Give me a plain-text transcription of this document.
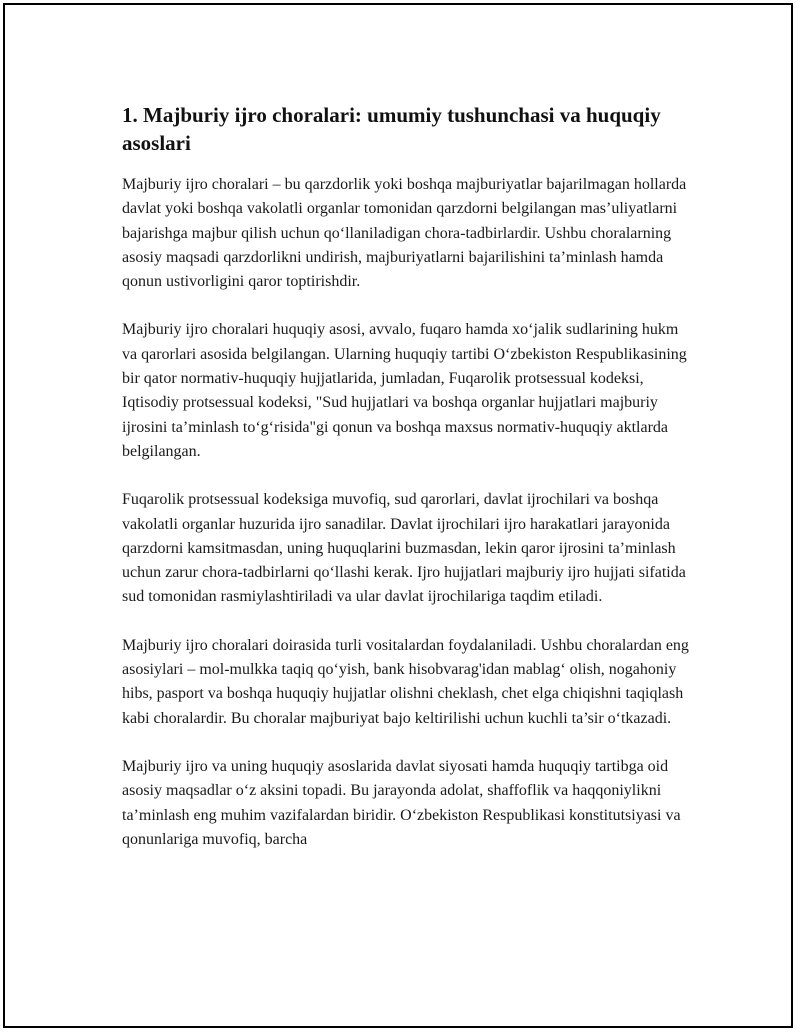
1. Majburiy ijro choralari: umumiy tushunchasi va huquqiy asoslari

Majburiy ijro choralari – bu qarzdorlik yoki boshqa majburiyatlar bajarilmagan hollarda davlat yoki boshqa vakolatli organlar tomonidan qarzdorni belgilangan mas’uliyatlarni bajarishga majbur qilish uchun qo‘llaniladigan chora-tadbirlardir. Ushbu choralarning asosiy maqsadi qarzdorlikni undirish, majburiyatlarni bajarilishini ta’minlash hamda qonun ustivorligini qaror toptirishdir.

Majburiy ijro choralari huquqiy asosi, avvalo, fuqaro hamda xo‘jalik sudlarining hukm va qarorlari asosida belgilangan. Ularning huquqiy tartibi O‘zbekiston Respublikasining bir qator normativ-huquqiy hujjatlarida, jumladan, Fuqarolik protsessual kodeksi, Iqtisodiy protsessual kodeksi, "Sud hujjatlari va boshqa organlar hujjatlari majburiy ijrosini ta’minlash to‘g‘risida"gi qonun va boshqa maxsus normativ-huquqiy aktlarda belgilangan.

Fuqarolik protsessual kodeksiga muvofiq, sud qarorlari, davlat ijrochilari va boshqa vakolatli organlar huzurida ijro sanadilar. Davlat ijrochilari ijro harakatlari jarayonida qarzdorni kamsitmasdan, uning huquqlarini buzmasdan, lekin qaror ijrosini ta’minlash uchun zarur chora-tadbirlarni qo‘llashi kerak. Ijro hujjatlari majburiy ijro hujjati sifatida sud tomonidan rasmiylashtiriladi va ular davlat ijrochilariga taqdim etiladi.

Majburiy ijro choralari doirasida turli vositalardan foydalaniladi. Ushbu choralardan eng asosiylari – mol-mulkka taqiq qo‘yish, bank hisobvarag'idan mablag‘ olish, nogahoniy hibs, pasport va boshqa huquqiy hujjatlar olishni cheklash, chet elga chiqishni taqiqlash kabi choralardir. Bu choralar majburiyat bajo keltirilishi uchun kuchli ta’sir o‘tkazadi.

Majburiy ijro va uning huquqiy asoslarida davlat siyosati hamda huquqiy tartibga oid asosiy maqsadlar o‘z aksini topadi. Bu jarayonda adolat, shaffoflik va haqqoniylikni ta’minlash eng muhim vazifalardan biridir. O‘zbekiston Respublikasi konstitutsiyasi va qonunlariga muvofiq, barcha
